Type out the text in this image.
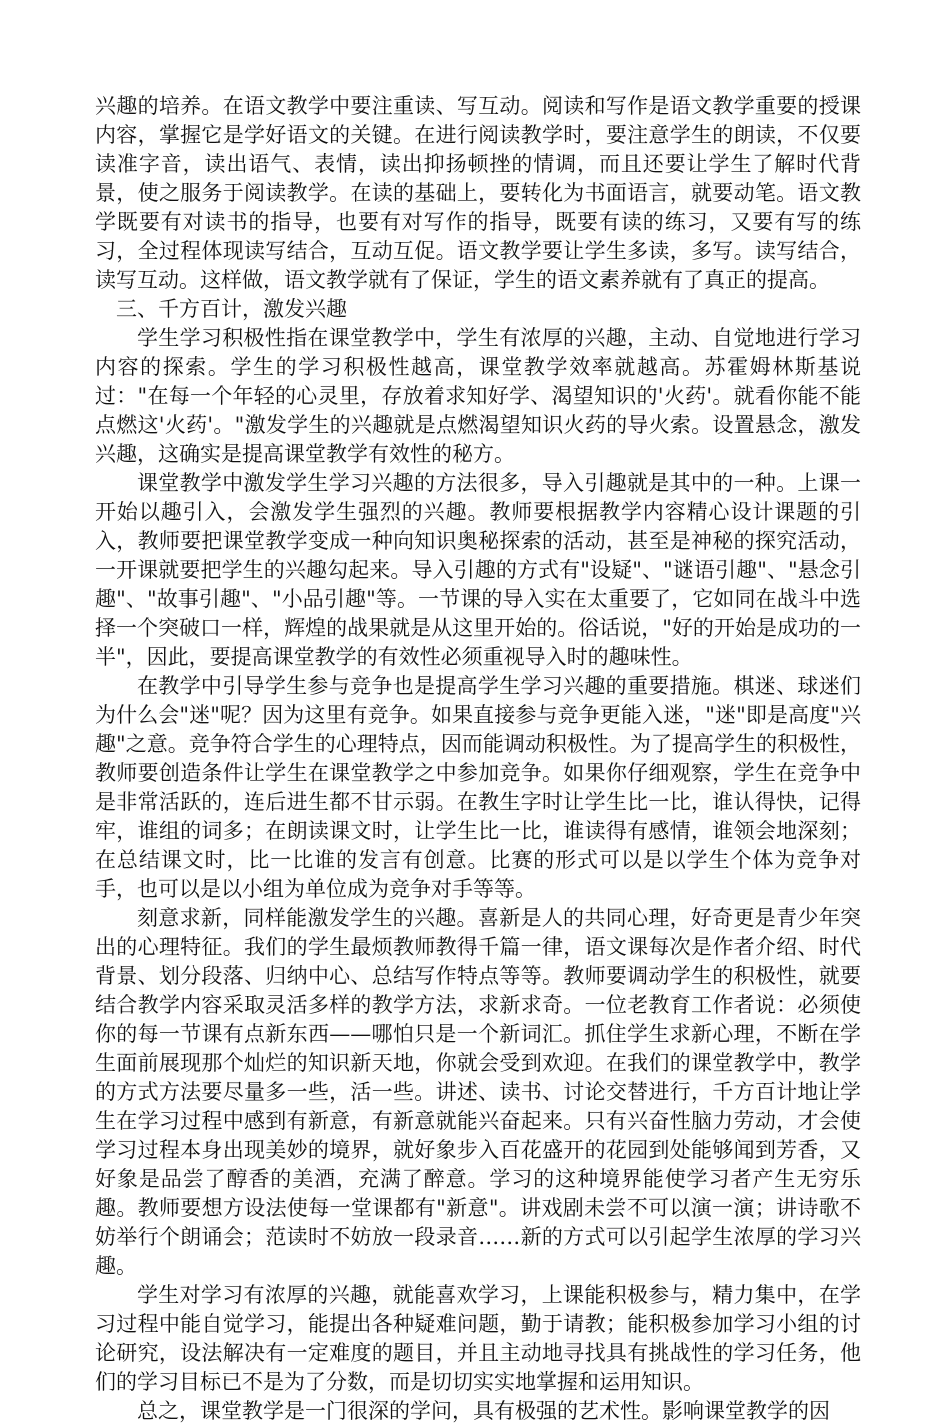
兴趣的培养。在语文教学中要注重读、写互动。阅读和写作是语文教学重要的授课内容，掌握它是学好语文的关键。在进行阅读教学时，要注意学生的朗读，不仅要读准字音，读出语气、表情，读出抑扬顿挫的情调，而且还要让学生了解时代背景，使之服务于阅读教学。在读的基础上，要转化为书面语言，就要动笔。语文教学既要有对读书的指导，也要有对写作的指导，既要有读的练习，又要有写的练习，全过程体现读写结合，互动互促。语文教学要让学生多读，多写。读写结合，读写互动。这样做，语文教学就有了保证，学生的语文素养就有了真正的提高。

三、千方百计，激发兴趣

学生学习积极性指在课堂教学中，学生有浓厚的兴趣，主动、自觉地进行学习内容的探索。学生的学习积极性越高，课堂教学效率就越高。苏霍姆林斯基说过："在每一个年轻的心灵里，存放着求知好学、渴望知识的'火药'。就看你能不能点燃这'火药'。"激发学生的兴趣就是点燃渴望知识火药的导火索。设置悬念，激发兴趣，这确实是提高课堂教学有效性的秘方。

课堂教学中激发学生学习兴趣的方法很多，导入引趣就是其中的一种。上课一开始以趣引入，会激发学生强烈的兴趣。教师要根据教学内容精心设计课题的引入，教师要把课堂教学变成一种向知识奥秘探索的活动，甚至是神秘的探究活动，一开课就要把学生的兴趣勾起来。导入引趣的方式有"设疑"、"谜语引趣"、"悬念引趣"、"故事引趣"、"小品引趣"等。一节课的导入实在太重要了，它如同在战斗中选择一个突破口一样，辉煌的战果就是从这里开始的。俗话说，"好的开始是成功的一半"，因此，要提高课堂教学的有效性必须重视导入时的趣味性。

在教学中引导学生参与竞争也是提高学生学习兴趣的重要措施。棋迷、球迷们为什么会"迷"呢？因为这里有竞争。如果直接参与竞争更能入迷，"迷"即是高度"兴趣"之意。竞争符合学生的心理特点，因而能调动积极性。为了提高学生的积极性，教师要创造条件让学生在课堂教学之中参加竞争。如果你仔细观察，学生在竞争中是非常活跃的，连后进生都不甘示弱。在教生字时让学生比一比，谁认得快，记得牢，谁组的词多；在朗读课文时，让学生比一比，谁读得有感情，谁领会地深刻；在总结课文时，比一比谁的发言有创意。比赛的形式可以是以学生个体为竞争对手，也可以是以小组为单位成为竞争对手等等。

刻意求新，同样能激发学生的兴趣。喜新是人的共同心理，好奇更是青少年突出的心理特征。我们的学生最烦教师教得千篇一律，语文课每次是作者介绍、时代背景、划分段落、归纳中心、总结写作特点等等。教师要调动学生的积极性，就要结合教学内容采取灵活多样的教学方法，求新求奇。一位老教育工作者说：必须使你的每一节课有点新东西——哪怕只是一个新词汇。抓住学生求新心理，不断在学生面前展现那个灿烂的知识新天地，你就会受到欢迎。在我们的课堂教学中，教学的方式方法要尽量多一些，活一些。讲述、读书、讨论交替进行，千方百计地让学生在学习过程中感到有新意，有新意就能兴奋起来。只有兴奋性脑力劳动，才会使学习过程本身出现美妙的境界，就好象步入百花盛开的花园到处能够闻到芳香，又好象是品尝了醇香的美酒，充满了醉意。学习的这种境界能使学习者产生无穷乐趣。教师要想方设法使每一堂课都有"新意"。讲戏剧未尝不可以演一演；讲诗歌不妨举行个朗诵会；范读时不妨放一段录音……新的方式可以引起学生浓厚的学习兴趣。

学生对学习有浓厚的兴趣，就能喜欢学习，上课能积极参与，精力集中，在学习过程中能自觉学习，能提出各种疑难问题，勤于请教；能积极参加学习小组的讨论研究，设法解决有一定难度的题目，并且主动地寻找具有挑战性的学习任务，他们的学习目标已不是为了分数，而是切切实实地掌握和运用知识。

总之，课堂教学是一门很深的学问，具有极强的艺术性。影响课堂教学的因
